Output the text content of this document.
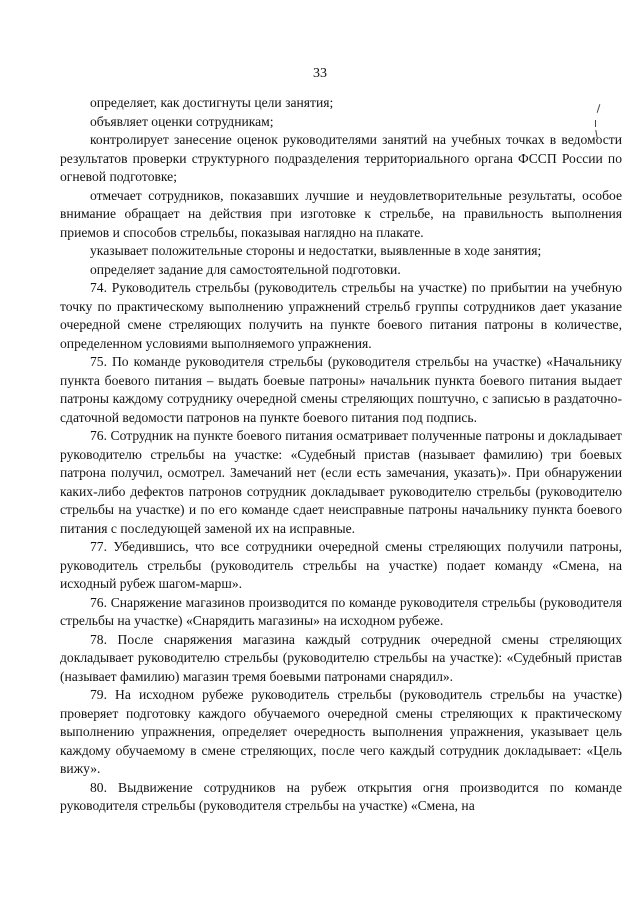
33

определяет, как достигнуты цели занятия;

объявляет оценки сотрудникам;

контролирует занесение оценок руководителями занятий на учебных точках в ведомости результатов проверки структурного подразделения территориального органа ФССП России по огневой подготовке;

отмечает сотрудников, показавших лучшие и неудовлетворительные результаты, особое внимание обращает на действия при изготовке к стрельбе, на правильность выполнения приемов и способов стрельбы, показывая наглядно на плакате.

указывает положительные стороны и недостатки, выявленные в ходе занятия;

определяет задание для самостоятельной подготовки.

74. Руководитель стрельбы (руководитель стрельбы на участке) по прибытии на учебную точку по практическому выполнению упражнений стрельб группы сотрудников дает указание очередной смене стреляющих получить на пункте боевого питания патроны в количестве, определенном условиями выполняемого упражнения.

75. По команде руководителя стрельбы (руководителя стрельбы на участке) «Начальнику пункта боевого питания – выдать боевые патроны» начальник пункта боевого питания выдает патроны каждому сотруднику очередной смены стреляющих поштучно, с записью в раздаточно-сдаточной ведомости патронов на пункте боевого питания под подпись.

76. Сотрудник на пункте боевого питания осматривает полученные патроны и докладывает руководителю стрельбы на участке: «Судебный пристав (называет фамилию) три боевых патрона получил, осмотрел. Замечаний нет (если есть замечания, указать)». При обнаружении каких-либо дефектов патронов сотрудник докладывает руководителю стрельбы (руководителю стрельбы на участке) и по его команде сдает неисправные патроны начальнику пункта боевого питания с последующей заменой их на исправные.

77. Убедившись, что все сотрудники очередной смены стреляющих получили патроны, руководитель стрельбы (руководитель стрельбы на участке) подает команду «Смена, на исходный рубеж шагом-марш».

76. Снаряжение магазинов производится по команде руководителя стрельбы (руководителя стрельбы на участке) «Снарядить магазины» на исходном рубеже.

78. После снаряжения магазина каждый сотрудник очередной смены стреляющих докладывает руководителю стрельбы (руководителю стрельбы на участке): «Судебный пристав (называет фамилию) магазин тремя боевыми патронами снарядил».

79. На исходном рубеже руководитель стрельбы (руководитель стрельбы на участке) проверяет подготовку каждого обучаемого очередной смены стреляющих к практическому выполнению упражнения, определяет очередность выполнения упражнения, указывает цель каждому обучаемому в смене стреляющих, после чего каждый сотрудник докладывает: «Цель вижу».

80. Выдвижение сотрудников на рубеж открытия огня производится по команде руководителя стрельбы (руководителя стрельбы на участке) «Смена, на
